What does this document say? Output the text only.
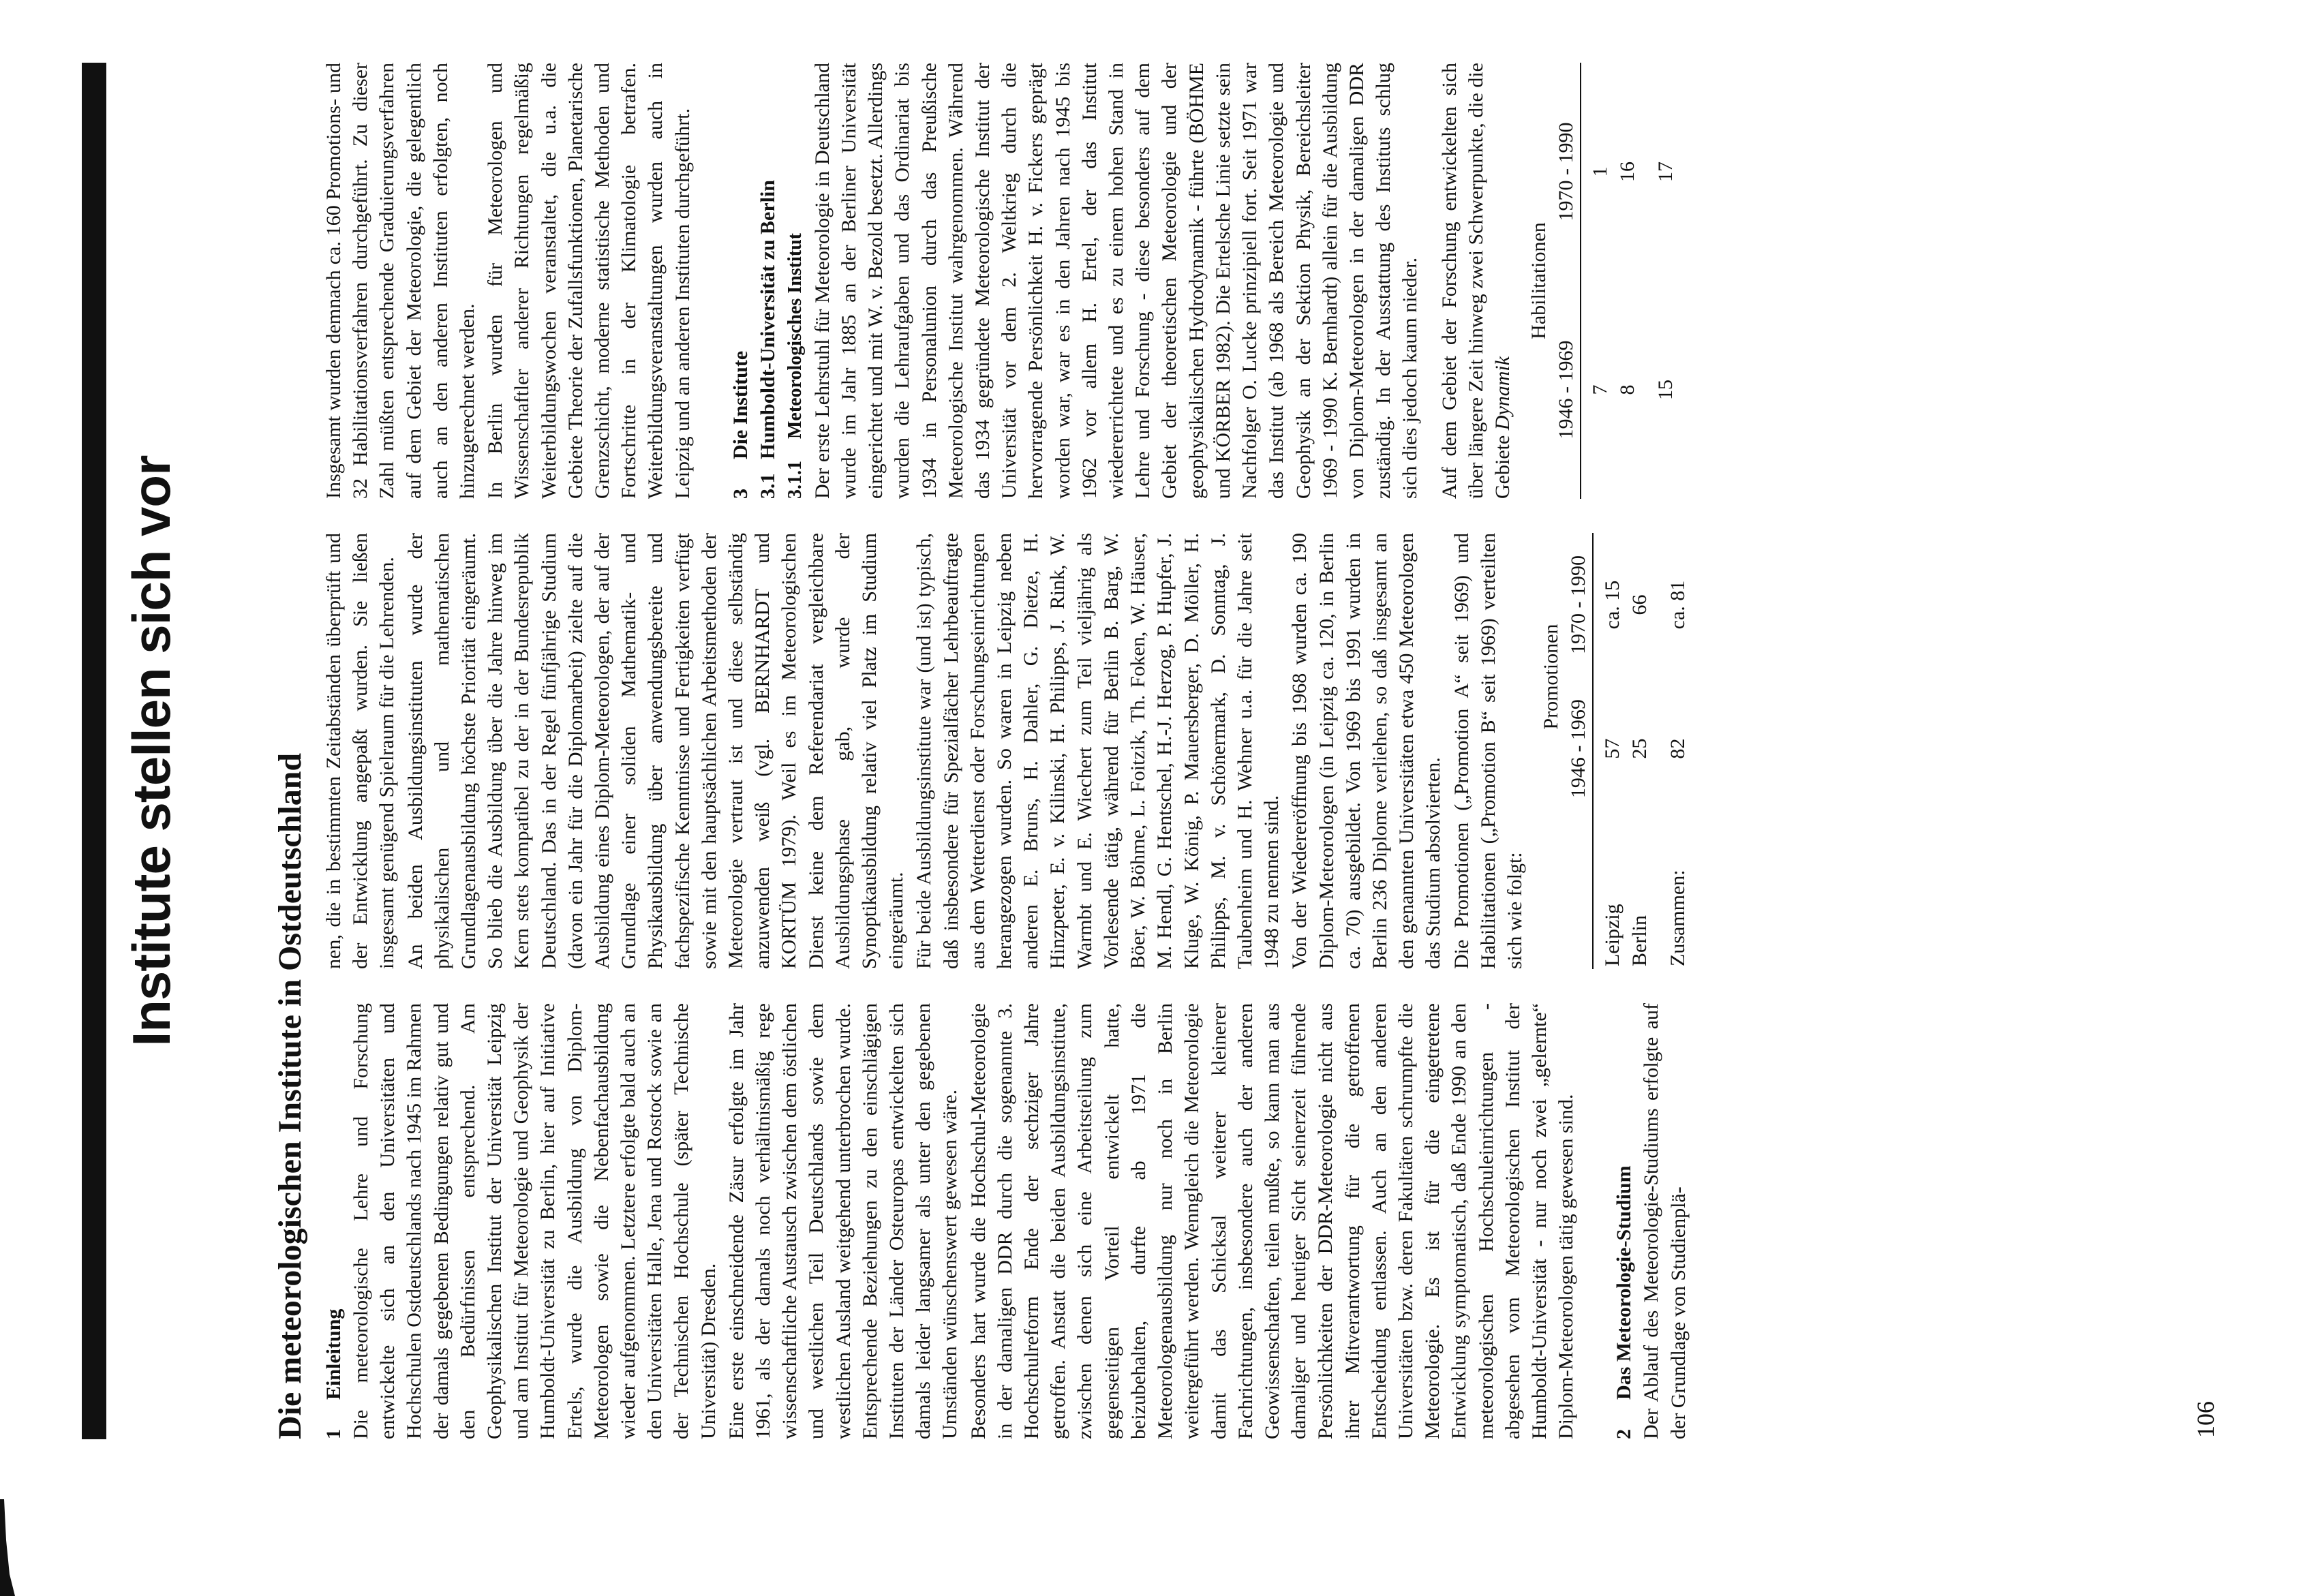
Institute stellen sich vor
Die meteorologischen Institute in Ostdeutschland 1Einleitung Die meteorologische Lehre und Forschung entwickelte sich an den Universitäten und Hochschulen Ostdeutschlands nach 1945 im Rahmen der damals gegebenen Bedingungen relativ gut und den Bedürfnissen entsprechend. Am Geophysikalischen Institut der Universität Leipzig und am Institut für Meteorologie und Geophysik der Humboldt-Universität zu Berlin, hier auf Initiative Ertels, wurde die Ausbildung von Diplom-Meteorologen sowie die Nebenfachausbildung wieder aufgenommen. Letztere erfolgte bald auch an den Universitäten Halle, Jena und Rostock sowie an der Technischen Hochschule (später Technische Universität) Dresden. Eine erste einschneidende Zäsur erfolgte im Jahr 1961, als der damals noch verhältnismäßig rege wissenschaftliche Austausch zwischen dem östlichen und westlichen Teil Deutschlands sowie dem westlichen Ausland weitgehend unterbrochen wurde. Entsprechende Beziehungen zu den einschlägigen Instituten der Länder Osteuropas entwickelten sich damals leider langsamer als unter den gegebenen Umständen wünschenswert gewesen wäre. Besonders hart wurde die Hochschul-Meteorologie in der damaligen DDR durch die sogenannte 3. Hochschulreform Ende der sechziger Jahre getroffen. Anstatt die beiden Ausbildungsinstitute, zwischen denen sich eine Arbeitsteilung zum gegenseitigen Vorteil entwickelt hatte, beizubehalten, durfte ab 1971 die Meteorologenausbildung nur noch in Berlin weitergeführt werden. Wenngleich die Meteorologie damit das Schicksal weiterer kleinerer Fachrichtungen, insbesondere auch der anderen Geowissenschaften, teilen mußte, so kann man aus damaliger und heutiger Sicht seinerzeit führende Persönlichkeiten der DDR-Meteorologie nicht aus ihrer Mitverantwortung für die getroffenen Entscheidung entlassen. Auch an den anderen Universitäten bzw. deren Fakultäten schrumpfte die Meteorologie. Es ist für die eingetretene Entwicklung symptomatisch, daß Ende 1990 an den meteorologischen Hochschuleinrichtungen - abgesehen vom Meteorologischen Institut der Humboldt-Universität - nur noch zwei „gelernte“ Diplom-Meteorologen tätig gewesen sind. 2Das Meteorologie-Studium Der Ablauf des Meteorologie-Studiums erfolgte auf der Grundlage von Studienplä-

nen, die in bestimmten Zeitabständen überprüft und der Entwicklung angepaßt wurden. Sie ließen insgesamt genügend Spielraum für die Lehrenden. An beiden Ausbildungsinstituten wurde der physikalischen und mathematischen Grundlagenausbildung höchste Priorität eingeräumt. So blieb die Ausbildung über die Jahre hinweg im Kern stets kompatibel zu der in der Bundesrepublik Deutschland. Das in der Regel fünfjährige Studium (davon ein Jahr für die Diplomarbeit) zielte auf die Ausbildung eines Diplom-Meteorologen, der auf der Grundlage einer soliden Mathematik- und Physikausbildung über anwendungsbereite und fachspezifische Kenntnisse und Fertigkeiten verfügt sowie mit den hauptsächlichen Arbeitsmethoden der Meteorologie vertraut ist und diese selbständig anzuwenden weiß (vgl. BERNHARDT und KORTÜM 1979). Weil es im Meteorologischen Dienst keine dem Referendariat vergleichbare Ausbildungsphase gab, wurde der Synoptikausbildung relativ viel Platz im Studium eingeräumt. Für beide Ausbildungsinstitute war (und ist) typisch, daß insbesondere für Spezialfächer Lehrbeauftragte aus dem Wetterdienst oder Forschungseinrichtungen herangezogen wurden. So waren in Leipzig neben anderen E. Bruns, H. Dahler, G. Dietze, H. Hinzpeter, E. v. Kilinski, H. Philipps, J. Rink, W. Warmbt und E. Wiechert zum Teil vieljährig als Vorlesende tätig, während für Berlin B. Barg, W. Böer, W. Böhme, L. Foitzik, Th. Foken, W. Häuser, M. Hendl, G. Hentschel, H.-J. Herzog, P. Hupfer, J. Kluge, W. König, P. Mauersberger, D. Möller, H. Philipps, M. v. Schönermark, D. Sonntag, J. Taubenheim und H. Wehner u.a. für die Jahre seit 1948 zu nennen sind. Von der Wiedereröffnung bis 1968 wurden ca. 190 Diplom-Meteorologen (in Leipzig ca. 120, in Berlin ca. 70) ausgebildet. Von 1969 bis 1991 wurden in Berlin 236 Diplome verliehen, so daß insgesamt an den genannten Universitäten etwa 450 Meteorologen das Studium absolvierten. Die Promotionen („Promotion A“ seit 1969) und Habilitationen („Promotion B“ seit 1969) verteilten sich wie folgt:

	Promotionen	
	1946 - 1969	1970 - 1990

Leipzig	57	ca. 15
Berlin	25	66
Zusammen:	82	ca. 81

Insgesamt wurden demnach ca. 160 Promotions- und 32 Habilitationsverfahren durchgeführt. Zu dieser Zahl müßten entsprechende Graduierungsverfahren auf dem Gebiet der Meteorologie, die gelegentlich auch an den anderen Instituten erfolgten, noch hinzugerechnet werden. In Berlin wurden für Meteorologen und Wissenschaftler anderer Richtungen regelmäßig Weiterbildungswochen veranstaltet, die u.a. die Gebiete Theorie der Zufallsfunktionen, Planetarische Grenzschicht, moderne statistische Methoden und Fortschritte in der Klimatologie betrafen. Weiterbildungsveranstaltungen wurden auch in Leipzig und an anderen Instituten durchgeführt. 3Die Institute
3.1Humboldt-Universität zu Berlin
3.1.1Meteorologisches Institut Der erste Lehrstuhl für Meteorologie in Deutschland wurde im Jahr 1885 an der Berliner Universität eingerichtet und mit W. v. Bezold besetzt. Allerdings wurden die Lehraufgaben und das Ordinariat bis 1934 in Personalunion durch das Preußische Meteorologische Institut wahrgenommen. Während das 1934 gegründete Meteorologische Institut der Universität vor dem 2. Weltkrieg durch die hervorragende Persönlichkeit H. v. Fickers geprägt worden war, war es in den Jahren nach 1945 bis 1962 vor allem H. Ertel, der das Institut wiedererrichtete und es zu einem hohen Stand in Lehre und Forschung - diese besonders auf dem Gebiet der theoretischen Meteorologie und der geophysikalischen Hydrodynamik - führte (BÖHME und KÖRBER 1982). Die Ertelsche Linie setzte sein Nachfolger O. Lucke prinzipiell fort. Seit 1971 war das Institut (ab 1968 als Bereich Meteorologie und Geophysik an der Sektion Physik, Bereichsleiter 1969 - 1990 K. Bernhardt) allein für die Ausbildung von Diplom-Meteorologen in der damaligen DDR zuständig. In der Ausstattung des Instituts schlug sich dies jedoch kaum nieder. Auf dem Gebiet der Forschung entwickelten sich über längere Zeit hinweg zwei Schwerpunkte, die die Gebiete Dynamik

Habilitationen	
1946 - 1969	1970 - 1990

7	1
8	16
15	17
106
